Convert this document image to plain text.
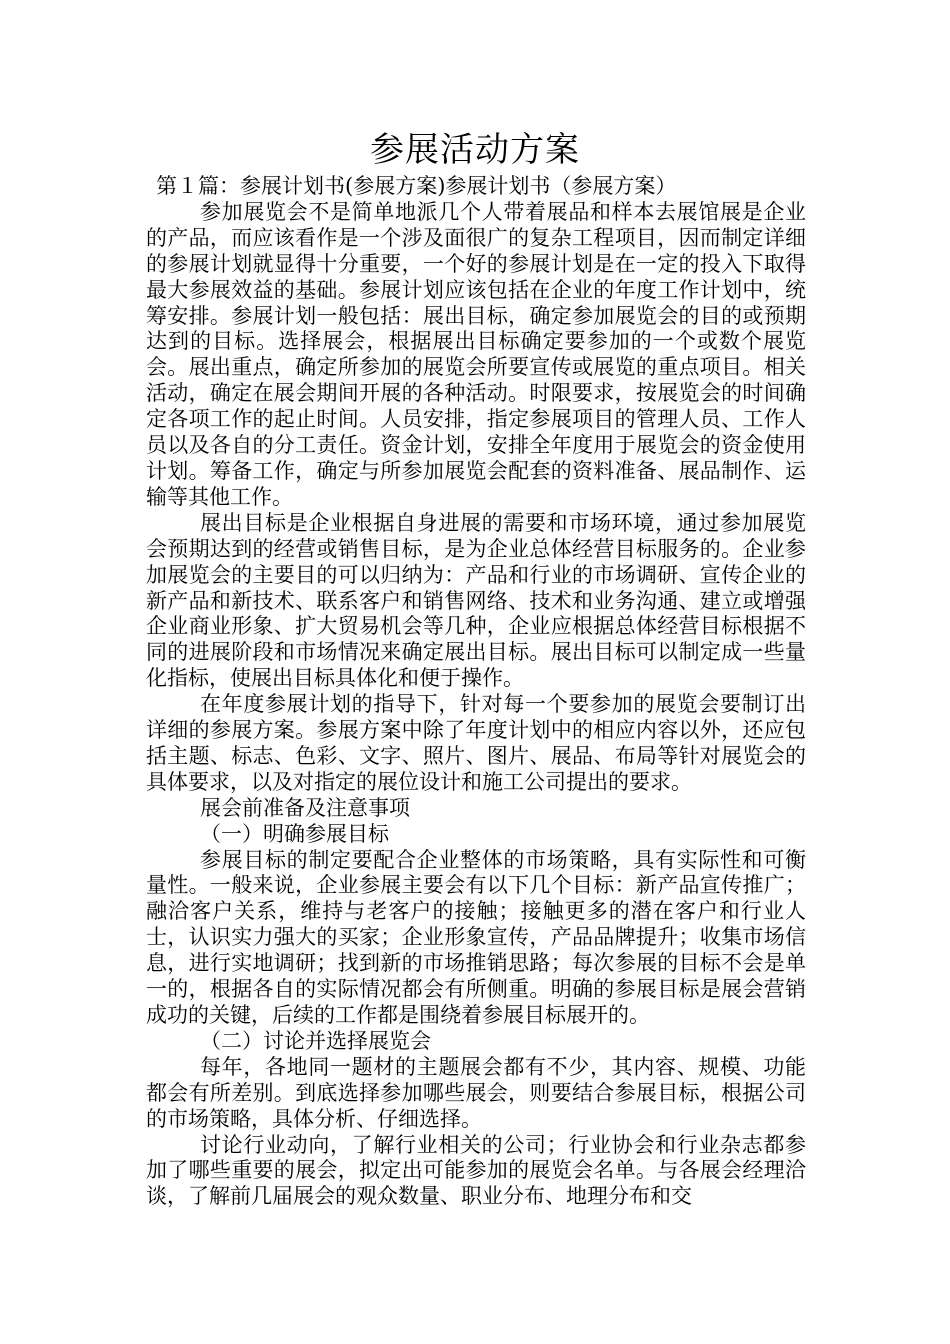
参展活动方案

第１篇：参展计划书(参展方案)参展计划书（参展方案）

参加展览会不是简单地派几个人带着展品和样本去展馆展是企业的产品，而应该看作是一个涉及面很广的复杂工程项目，因而制定详细的参展计划就显得十分重要，一个好的参展计划是在一定的投入下取得最大参展效益的基础。参展计划应该包括在企业的年度工作计划中，统筹安排。参展计划一般包括：展出目标，确定参加展览会的目的或预期达到的目标。选择展会，根据展出目标确定要参加的一个或数个展览会。展出重点，确定所参加的展览会所要宣传或展览的重点项目。相关活动，确定在展会期间开展的各种活动。时限要求，按展览会的时间确定各项工作的起止时间。人员安排，指定参展项目的管理人员、工作人员以及各自的分工责任。资金计划，安排全年度用于展览会的资金使用计划。筹备工作，确定与所参加展览会配套的资料准备、展品制作、运输等其他工作。

展出目标是企业根据自身进展的需要和市场环境，通过参加展览会预期达到的经营或销售目标，是为企业总体经营目标服务的。企业参加展览会的主要目的可以归纳为：产品和行业的市场调研、宣传企业的新产品和新技术、联系客户和销售网络、技术和业务沟通、建立或增强企业商业形象、扩大贸易机会等几种，企业应根据总体经营目标根据不同的进展阶段和市场情况来确定展出目标。展出目标可以制定成一些量化指标，使展出目标具体化和便于操作。

在年度参展计划的指导下，针对每一个要参加的展览会要制订出详细的参展方案。参展方案中除了年度计划中的相应内容以外，还应包括主题、标志、色彩、文字、照片、图片、展品、布局等针对展览会的具体要求，以及对指定的展位设计和施工公司提出的要求。

展会前准备及注意事项

（一）明确参展目标

参展目标的制定要配合企业整体的市场策略，具有实际性和可衡量性。一般来说，企业参展主要会有以下几个目标：新产品宣传推广；融洽客户关系，维持与老客户的接触；接触更多的潜在客户和行业人士，认识实力强大的买家；企业形象宣传，产品品牌提升；收集市场信息，进行实地调研；找到新的市场推销思路；每次参展的目标不会是单一的，根据各自的实际情况都会有所侧重。明确的参展目标是展会营销成功的关键，后续的工作都是围绕着参展目标展开的。

（二）讨论并选择展览会

每年，各地同一题材的主题展会都有不少，其内容、规模、功能都会有所差别。到底选择参加哪些展会，则要结合参展目标，根据公司的市场策略，具体分析、仔细选择。

讨论行业动向，了解行业相关的公司；行业协会和行业杂志都参加了哪些重要的展会，拟定出可能参加的展览会名单。与各展会经理洽谈，了解前几届展会的观众数量、职业分布、地理分布和交
